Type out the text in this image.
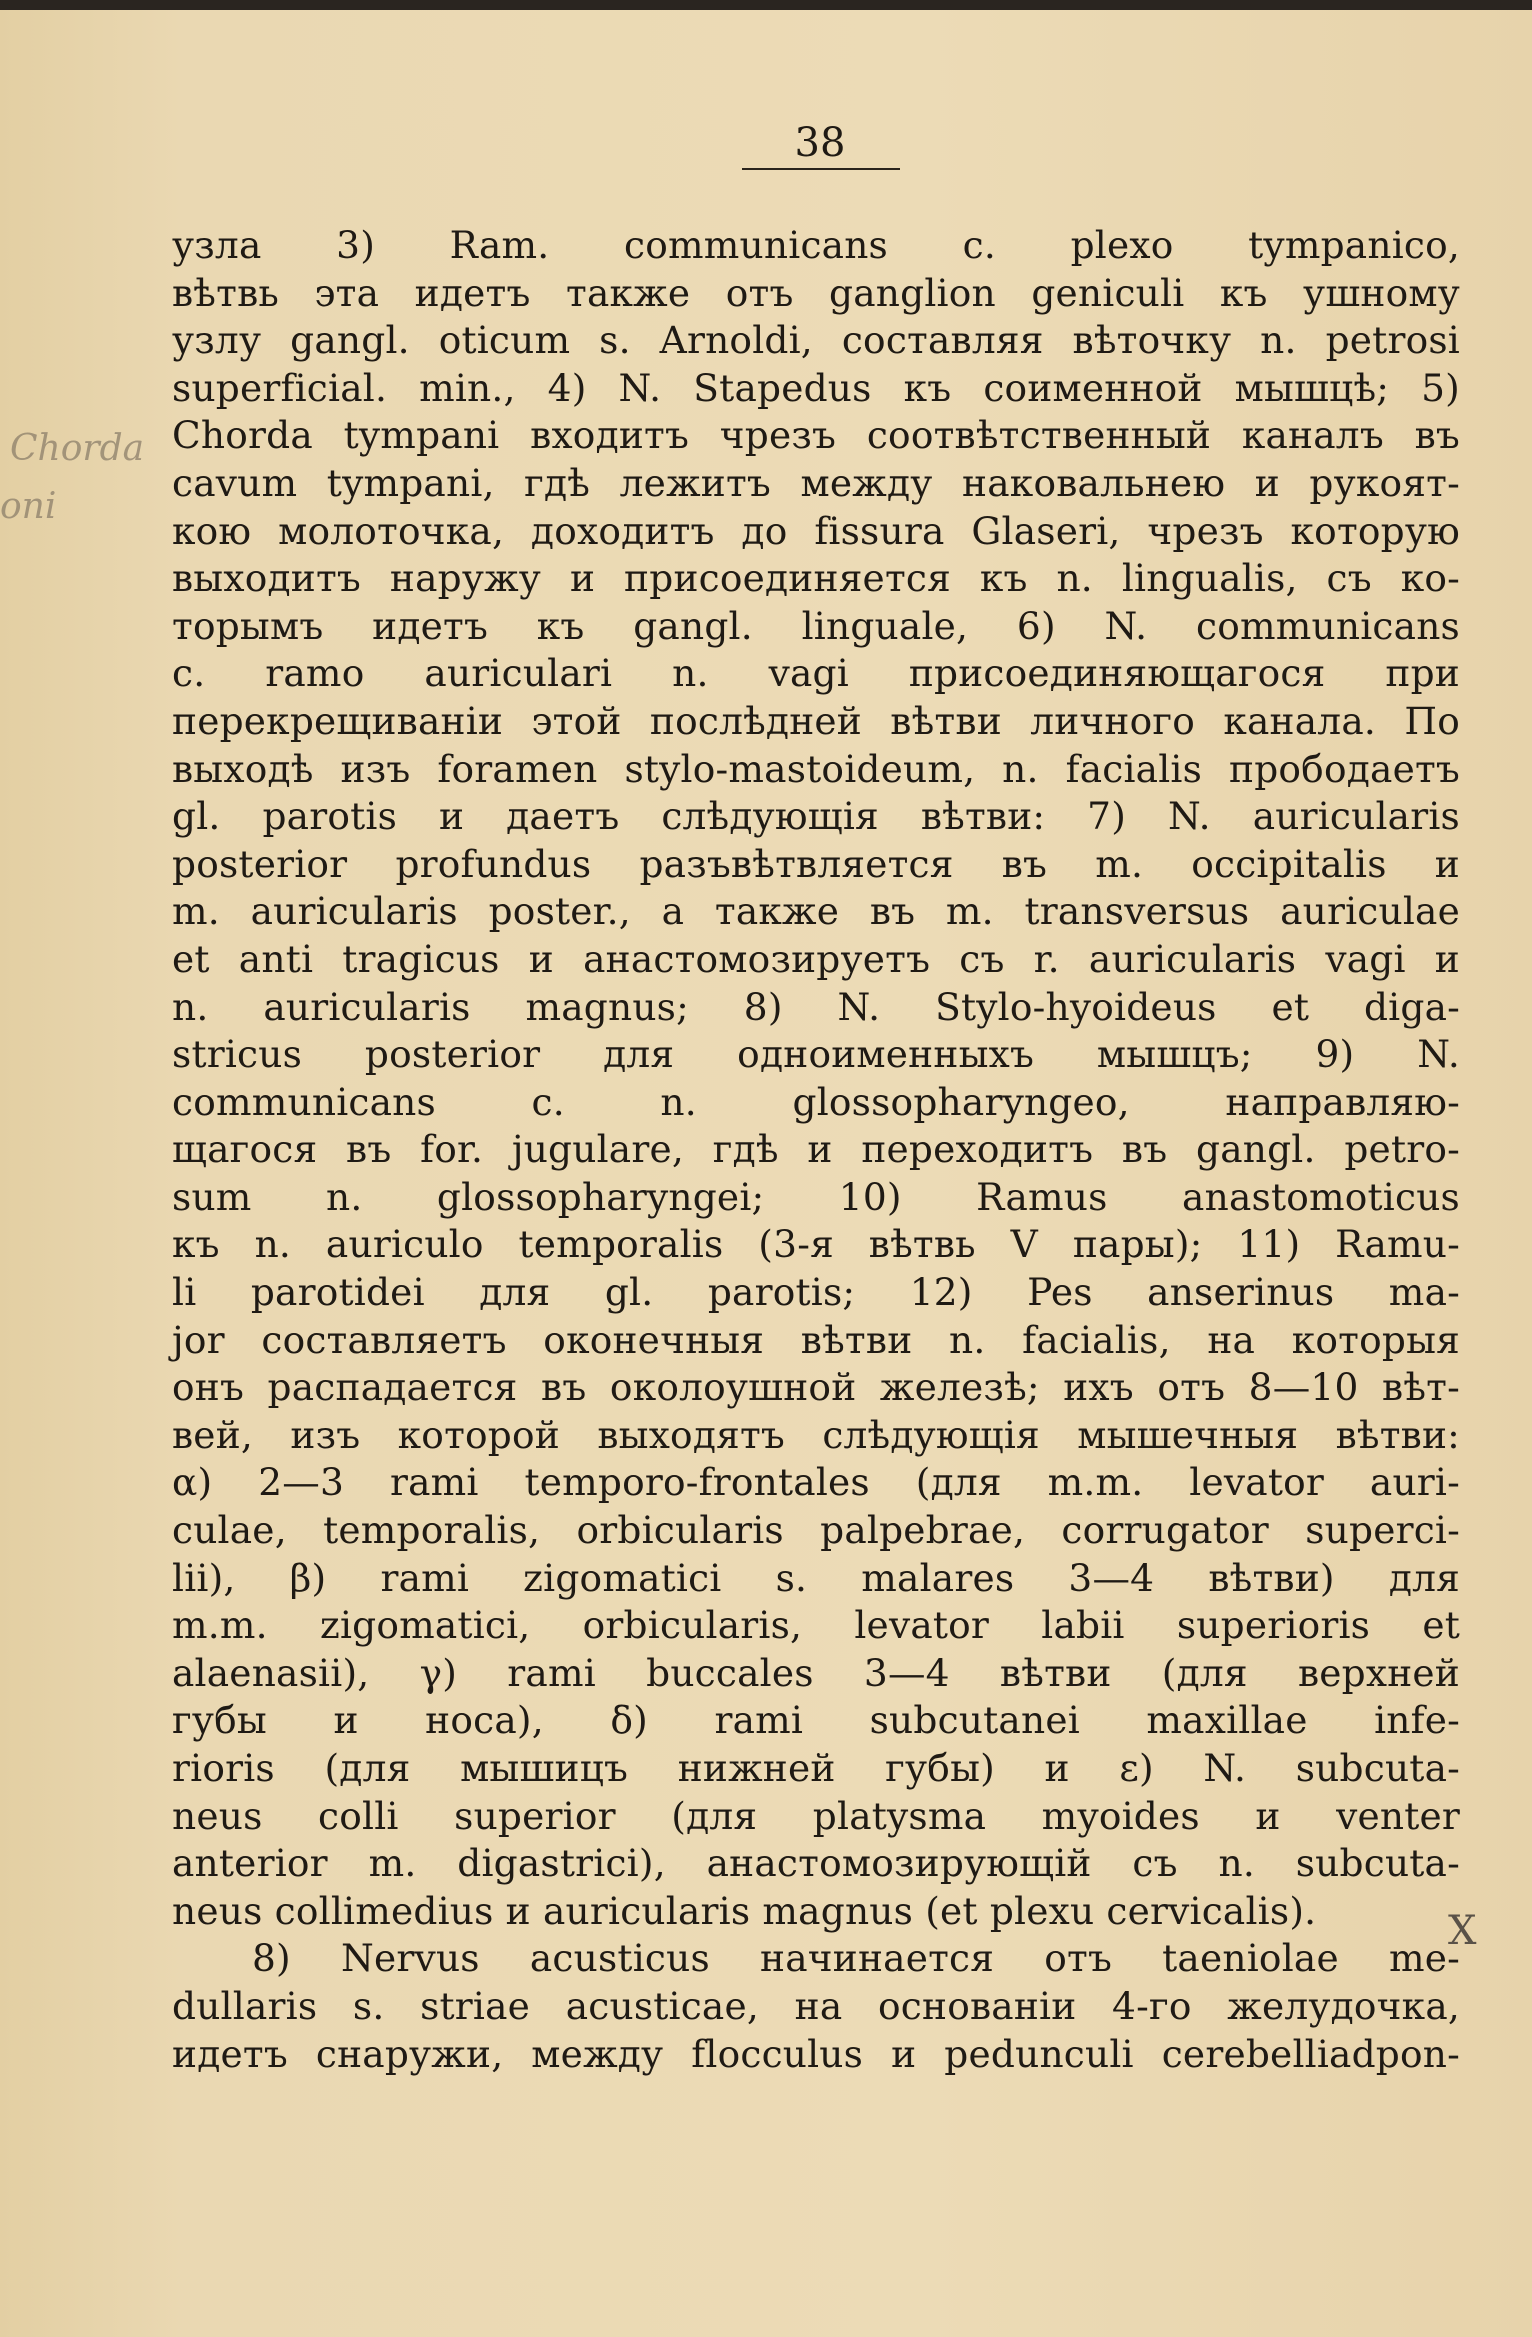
38
Chorda
oni
узла 3) Ram. communicans c. plexo tympanico,
вѣтвь эта идетъ также отъ ganglion geniculi къ ушному
узлу gangl. oticum s. Arnoldi, составляя вѣточку n. petrosi
superficial. min., 4) N. Stapedus къ соименной мышцѣ; 5)
Chorda tympani входитъ чрезъ соотвѣтственный каналъ въ
cavum tympani, гдѣ лежитъ между наковальнею и рукоят-
кою молоточка, доходитъ до fissura Glaseri, чрезъ которую
выходитъ наружу и присоединяется къ n. lingualis, съ ко-
торымъ идетъ къ gangl. linguale, 6) N. communicans
c. ramo auriculari n. vagi присоединяющагося при
перекрещиваніи этой послѣдней вѣтви личного канала. По
выходѣ изъ foramen stylo-mastoideum, n. facialis прободаетъ
gl. parotis и даетъ слѣдующія вѣтви: 7) N. auricularis
posterior profundus разъвѣтвляется въ m. occipitalis и
m. auricularis poster., а также въ m. transversus auriculae
et anti tragicus и анастомозируетъ съ r. auricularis vagi и
n. auricularis magnus; 8) N. Stylo-hyoideus et diga-
stricus posterior для одноименныхъ мышцъ; 9) N.
communicans c. n. glossopharyngeo, направляю-
щагося въ for. jugulare, гдѣ и переходитъ въ gangl. petro-
sum n. glossopharyngei; 10) Ramus anastomoticus
къ n. auriculo temporalis (3-я вѣтвь V пары); 11) Ramu-
li parotidei для gl. parotis; 12) Pes anserinus ma-
jor составляетъ оконечныя вѣтви n. facialis, на которыя
онъ распадается въ околоушной железѣ; ихъ отъ 8—10 вѣт-
вей, изъ которой выходятъ слѣдующія мышечныя вѣтви:
α) 2—3 rami temporo-frontales (для m.m. levator auri-
culae, temporalis, orbicularis palpebrae, corrugator superci-
lii), β) rami zigomatici s. malares 3—4 вѣтви) для
m.m. zigomatici, orbicularis, levator labii superioris et
alaenasii), γ) rami buccales 3—4 вѣтви (для верхней
губы и носа), δ) rami subcutanei maxillae infe-
rioris (для мышицъ нижней губы) и ε) N. subcuta-
neus colli superior (для platysma myoides и venter
anterior m. digastrici), анастомозирующій съ n. subcuta-
neus collimedius и auricularis magnus (et plexu cervicalis).
8) Nervus acusticus начинается отъ taeniolae me-
dullaris s. striae acusticae, на основаніи 4-го желудочка,
идетъ снаружи, между flocculus и pedunculi cerebelliadpon-
X
